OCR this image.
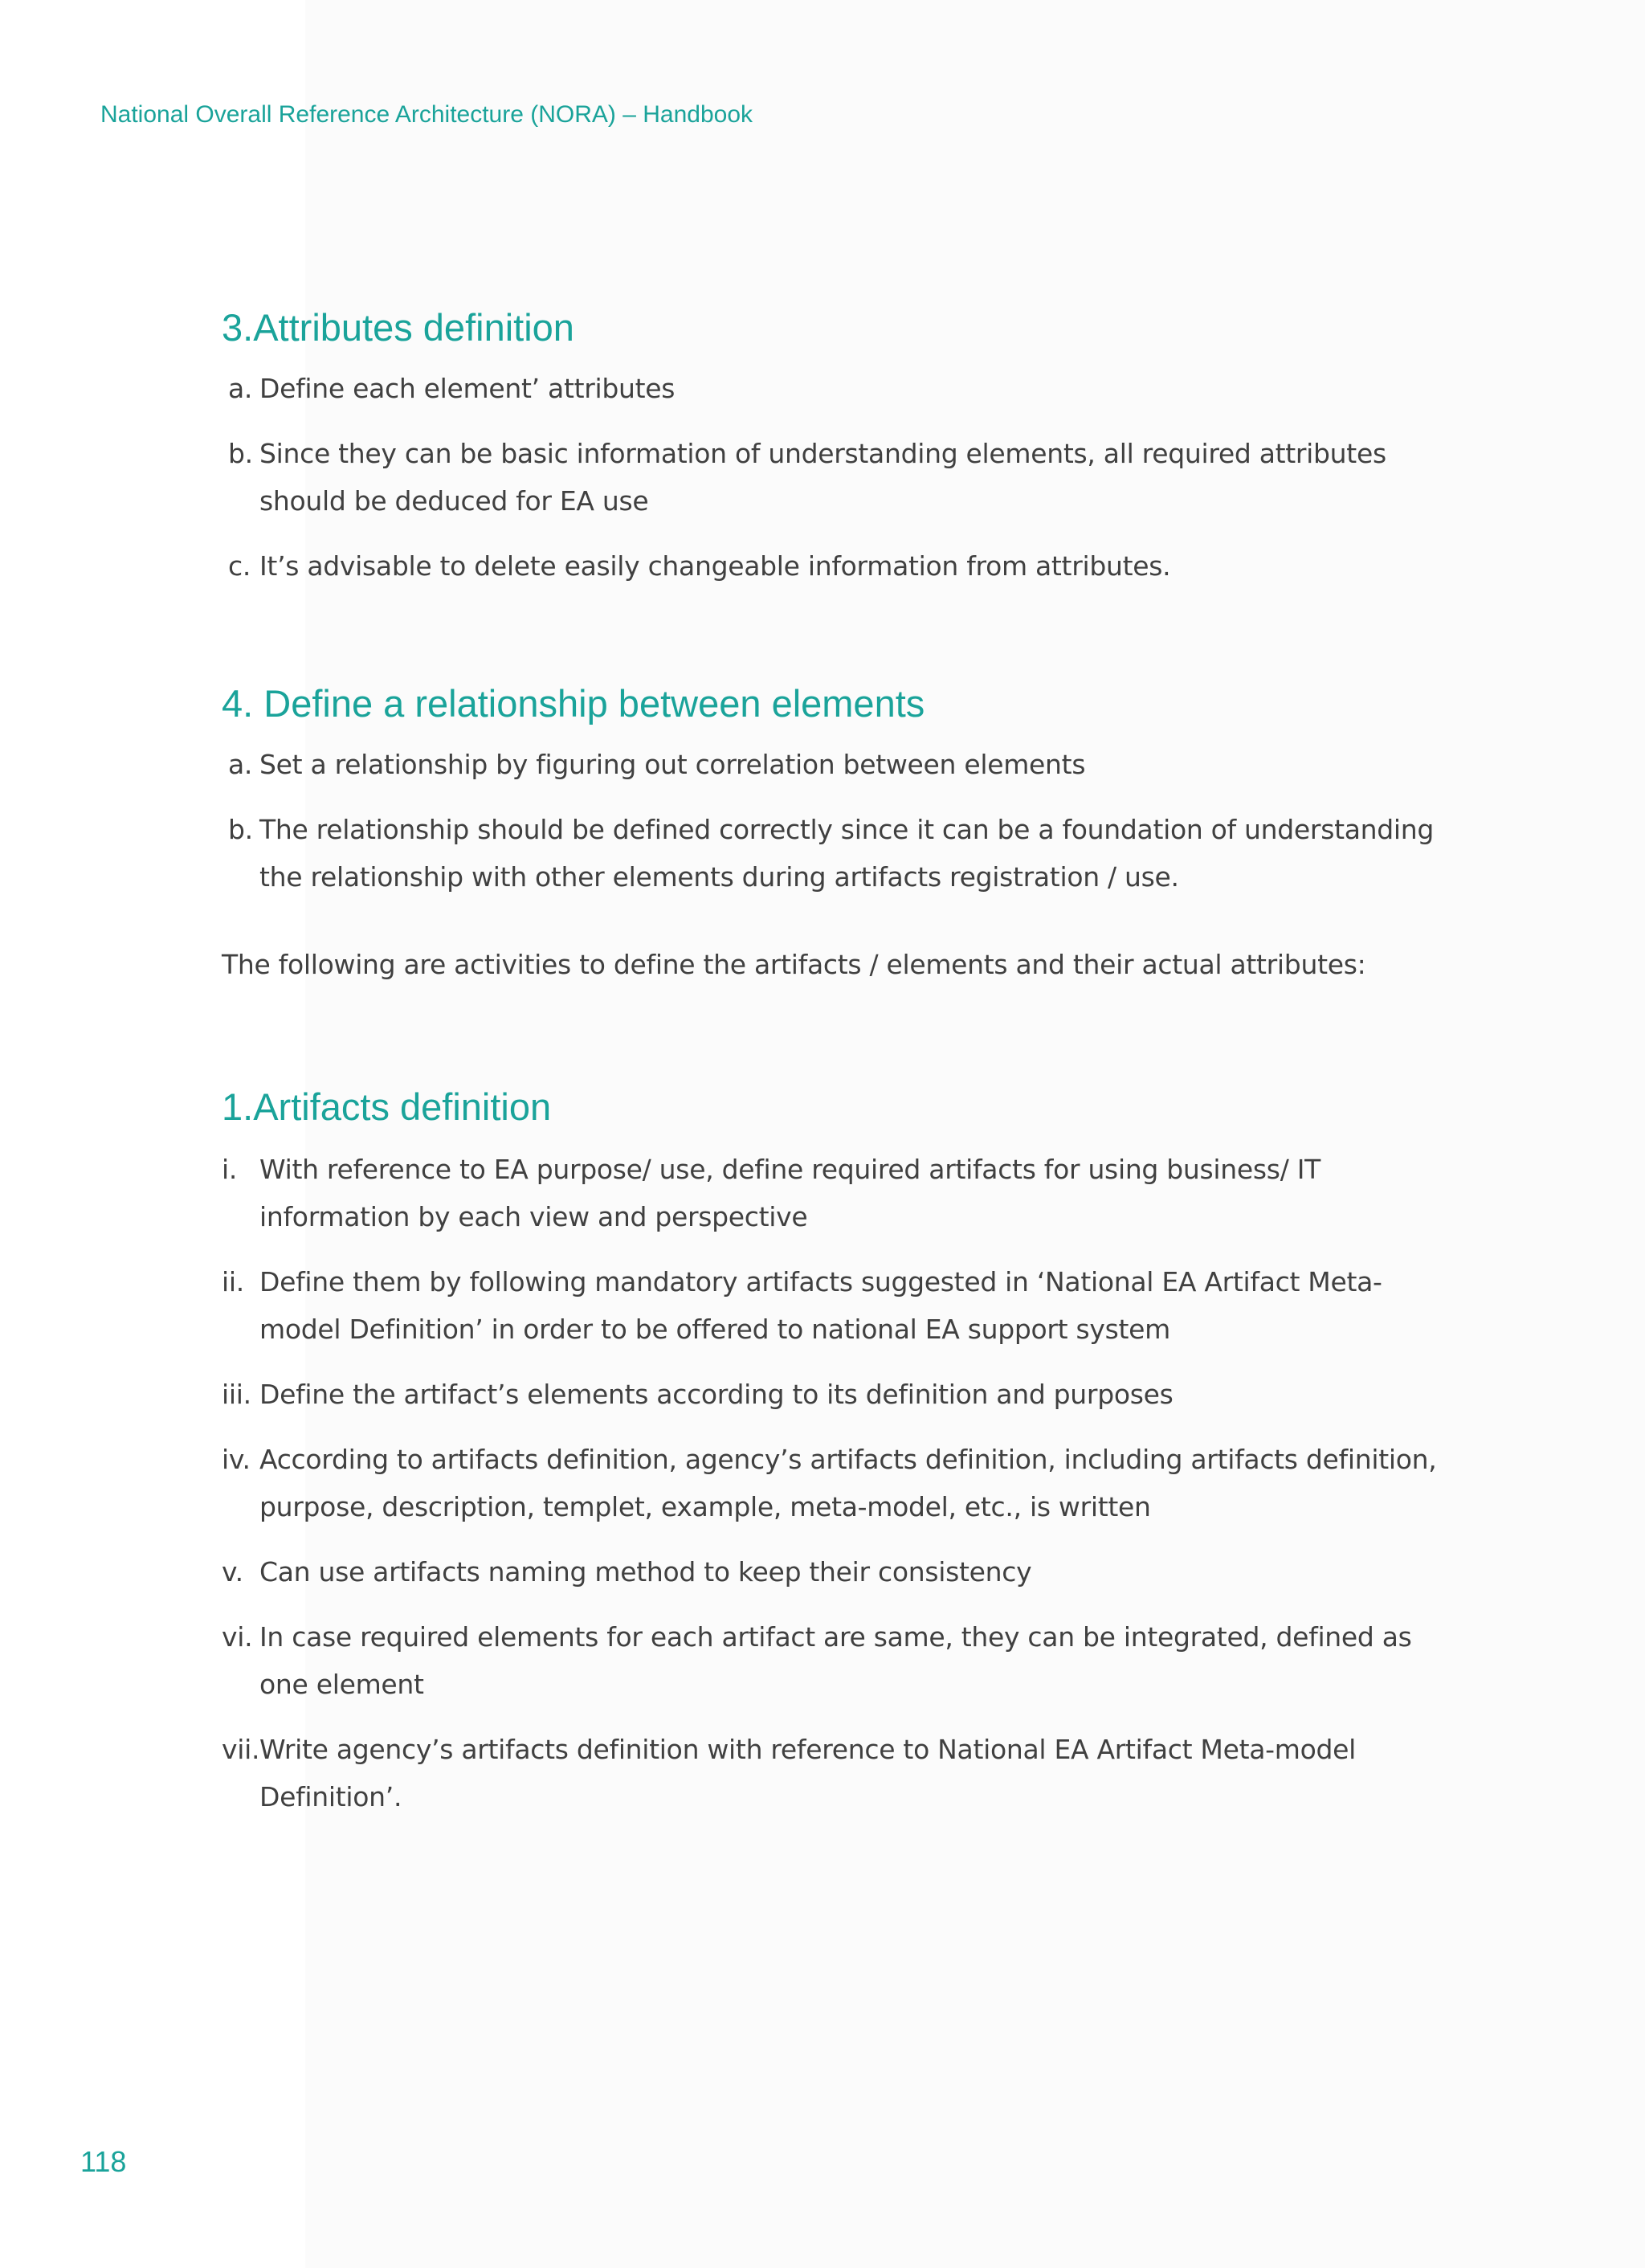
National Overall Reference Architecture (NORA) – Handbook
3.Attributes definition
a. Define each element’ attributes
b. Since they can be basic information of understanding elements, all required attributes should be deduced for EA use
c. It’s advisable to delete easily changeable information from attributes.
4. Define a relationship between elements
a. Set a relationship by figuring out correlation between elements
b. The relationship should be defined correctly since it can be a foundation of understanding the relationship with other elements during artifacts registration / use.

The following are activities to define the artifacts / elements and their actual attributes:

1.Artifacts definition
i. With reference to EA purpose/ use, define required artifacts for using business/ IT information by each view and perspective
ii. Define them by following mandatory artifacts suggested in ‘National EA Artifact Meta-model Definition’ in order to be offered to national EA support system
iii. Define the artifact’s elements according to its definition and purposes
iv. According to artifacts definition, agency’s artifacts definition, including artifacts definition, purpose, description, templet, example, meta-model, etc., is written
v. Can use artifacts naming method to keep their consistency
vi. In case required elements for each artifact are same, they can be integrated, defined as one element
vii. Write agency’s artifacts definition with reference to National EA Artifact Meta-model Definition’.
118
